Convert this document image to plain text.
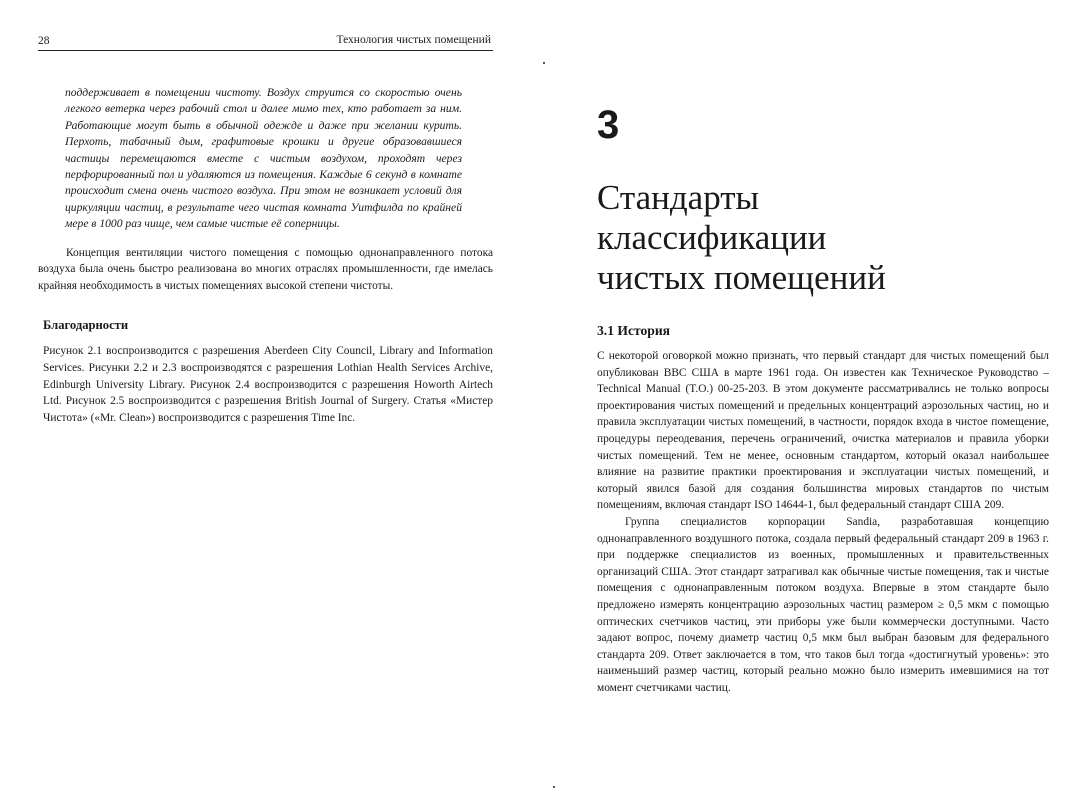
28	Технология чистых помещений
поддерживает в помещении чистоту. Воздух струится со скоростью очень легкого ветерка через рабочий стол и далее мимо тех, кто работает за ним. Работающие могут быть в обычной одежде и даже при желании курить. Перхоть, табачный дым, графитовые крошки и другие образовавшиеся частицы перемещаются вместе с чистым воздухом, проходят через перфорированный пол и удаляются из помещения. Каждые 6 секунд в комнате происходит смена очень чистого воздуха. При этом не возникает условий для циркуляции частиц, в результате чего чистая комната Уитфилда по крайней мере в 1000 раз чище, чем самые чистые её соперницы.

Концепция вентиляции чистого помещения с помощью однонаправленного потока воздуха была очень быстро реализована во многих отраслях промышленности, где имелась крайняя необходимость в чистых помещениях высокой степени чистоты.

Благодарности

Рисунок 2.1 воспроизводится с разрешения Aberdeen City Council, Library and Information Services. Рисунки 2.2 и 2.3 воспроизводятся с разрешения Lothian Health Services Archive, Edinburgh University Library. Рисунок 2.4 воспроизводится с разрешения Howorth Airtech Ltd. Рисунок 2.5 воспроизводится с разрешения British Journal of Surgery. Статья «Мистер Чистота» («Mr. Clean») воспроизводится с разрешения Time Inc.

3
Стандарты
классификации
чистых помещений
3.1 История

С некоторой оговоркой можно признать, что первый стандарт для чистых помещений был опубликован ВВС США в марте 1961 года. Он известен как Техническое Руководство – Technical Manual (T.O.) 00-25-203. В этом документе рассматривались не только вопросы проектирования чистых помещений и предельных концентраций аэрозольных частиц, но и правила эксплуатации чистых помещений, в частности, порядок входа в чистое помещение, процедуры переодевания, перечень ограничений, очистка материалов и правила уборки чистых помещений. Тем не менее, основным стандартом, который оказал наибольшее влияние на развитие практики проектирования и эксплуатации чистых помещений, и который явился базой для создания большинства мировых стандартов по чистым помещениям, включая стандарт ISO 14644-1, был федеральный стандарт США 209.

Группа специалистов корпорации Sandia, разработавшая концепцию однонаправленного воздушного потока, создала первый федеральный стандарт 209 в 1963 г. при поддержке специалистов из военных, промышленных и правительственных организаций США. Этот стандарт затрагивал как обычные чистые помещения, так и чистые помещения с однонаправленным потоком воздуха. Впервые в этом стандарте было предложено измерять концентрацию аэрозольных частиц размером ≥ 0,5 мкм с помощью оптических счетчиков частиц, эти приборы уже были коммерчески доступными. Часто задают вопрос, почему диаметр частиц 0,5 мкм был выбран базовым для федерального стандарта 209. Ответ заключается в том, что таков был тогда «достигнутый уровень»: это наименьший размер частиц, который реально можно было измерить имевшимися на тот момент счетчиками частиц.
